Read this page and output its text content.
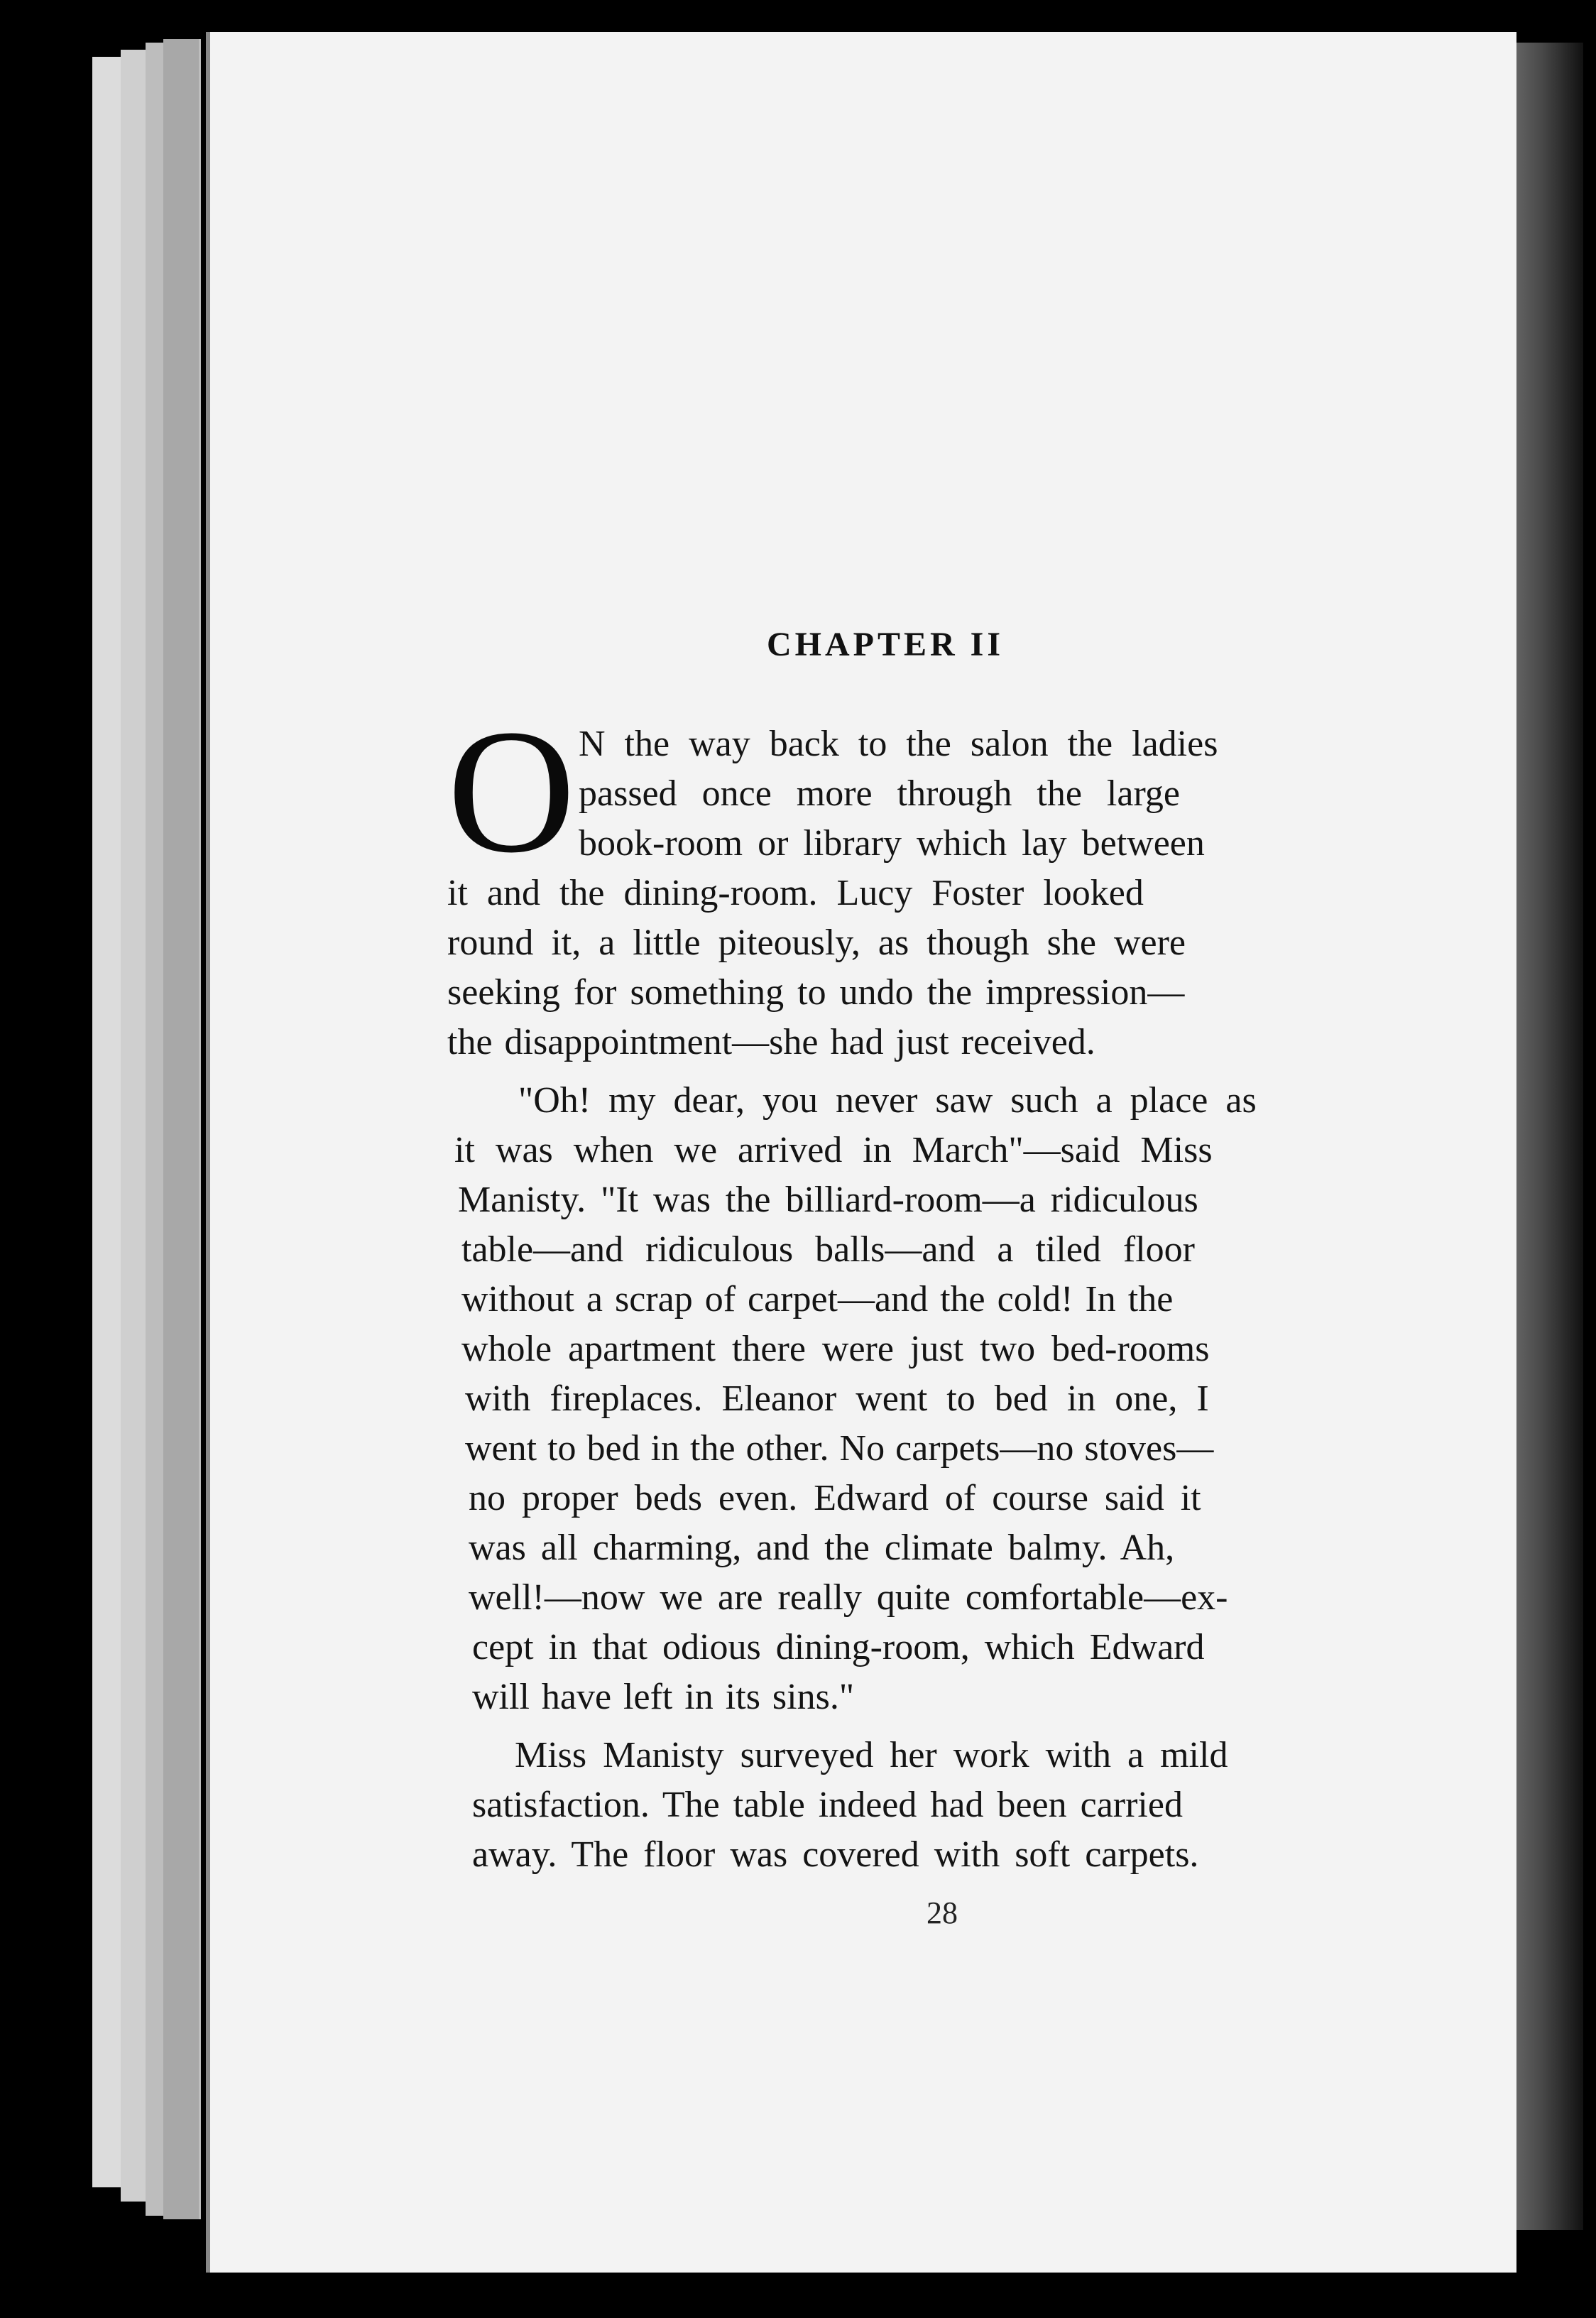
CHAPTER II
O N the way back to the salon the ladies

passed once more through the large

book-room or library which lay between

it and the dining-room. Lucy Foster looked

round it, a little piteously, as though she were

seeking for something to undo the impression—

the disappointment—she had just received.

"Oh! my dear, you never saw such a place as

it was when we arrived in March"—said Miss

Manisty. "It was the billiard-room—a ridiculous

table—and ridiculous balls—and a tiled floor

without a scrap of carpet—and the cold! In the

whole apartment there were just two bed-rooms

with fireplaces. Eleanor went to bed in one, I

went to bed in the other. No carpets—no stoves—

no proper beds even. Edward of course said it

was all charming, and the climate balmy. Ah,

well!—now we are really quite comfortable—ex-

cept in that odious dining-room, which Edward

will have left in its sins."

Miss Manisty surveyed her work with a mild

satisfaction. The table indeed had been carried

away. The floor was covered with soft carpets.

28
